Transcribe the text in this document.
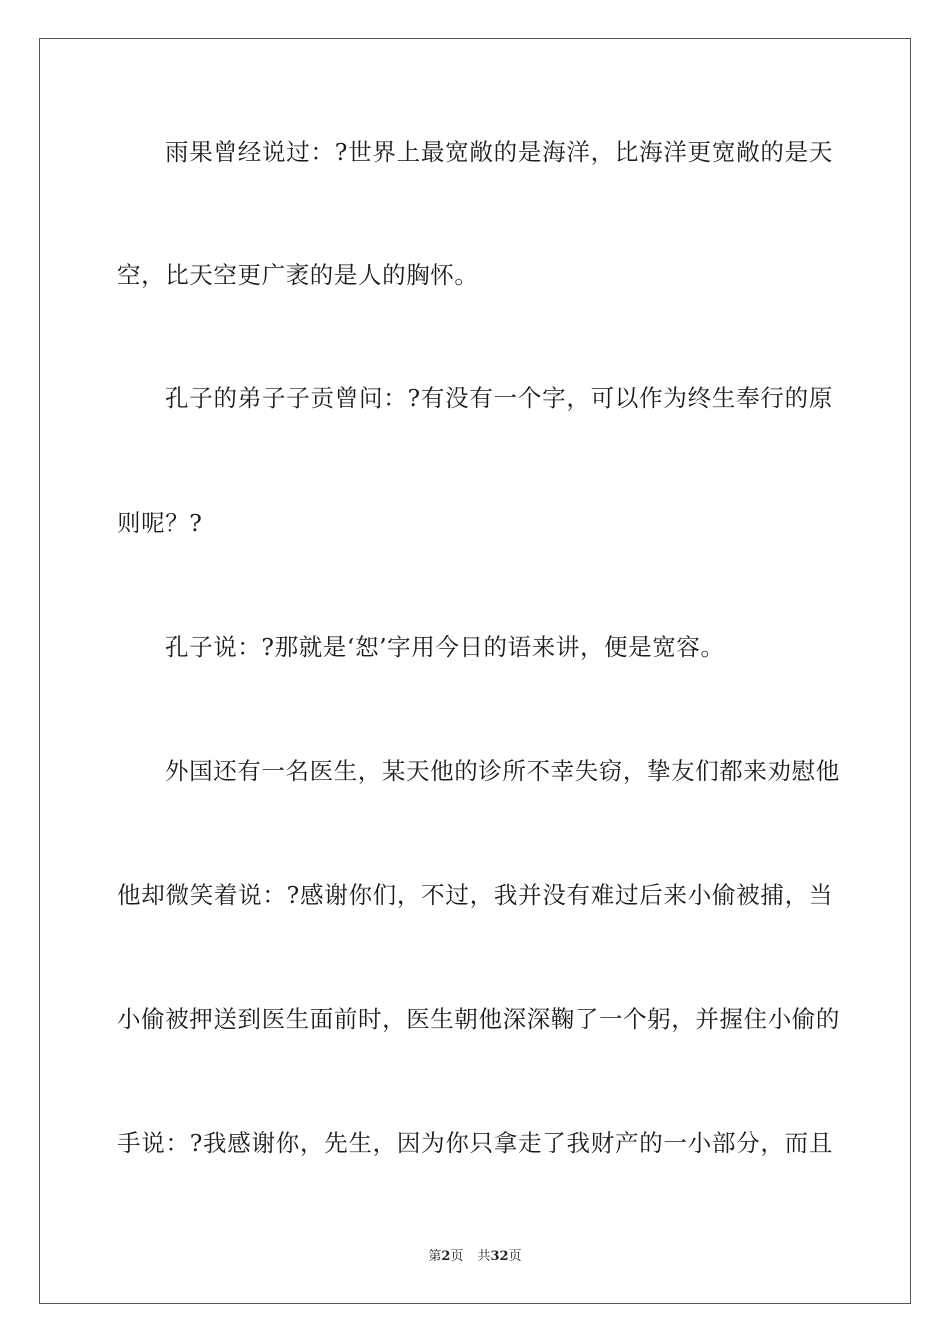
雨果曾经说过：?世界上最宽敞的是海洋，比海洋更宽敞的是天
空，比天空更广袤的是人的胸怀。
孔子的弟子子贡曾问：?有没有一个字，可以作为终生奉行的原
则呢？?
孔子说：?那就是‘恕’字用今日的语来讲，便是宽容。
外国还有一名医生，某天他的诊所不幸失窃，挚友们都来劝慰他
他却微笑着说：?感谢你们，不过，我并没有难过后来小偷被捕，当
小偷被押送到医生面前时，医生朝他深深鞠了一个躬，并握住小偷的
手说：?我感谢你，先生，因为你只拿走了我财产的一小部分，而且
第2页 共32页
